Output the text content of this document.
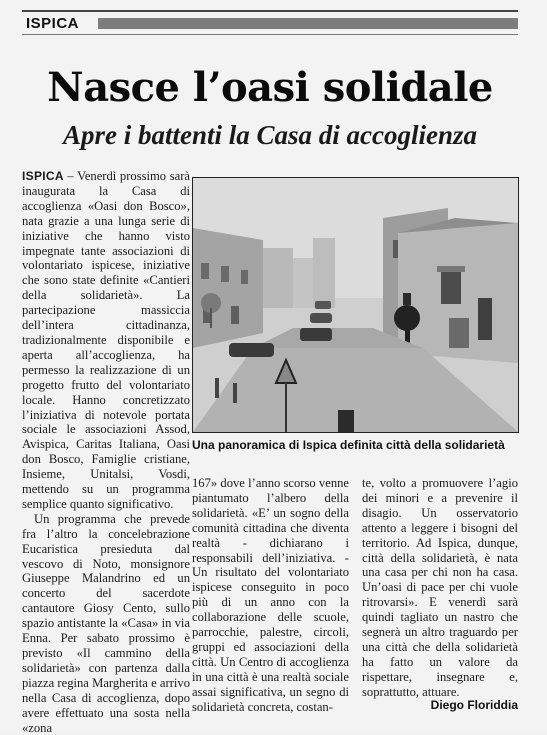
ISPICA
Nasce l’oasi solidale
Apre i battenti la Casa di accoglienza

ISPICA – Venerdì prossimo sarà inaugurata la Casa di accoglienza «Oasi don Bosco», nata grazie a una lunga serie di iniziative che hanno visto impegnate tante associazioni di volontariato ispicese, iniziative che sono state definite «Cantieri della solidarietà». La partecipazione massiccia dell’intera cittadinanza, tradizionalmente disponibile e aperta all’accoglienza, ha permesso la realizzazione di un progetto frutto del volontariato locale. Hanno concretizzato l’iniziativa di notevole portata sociale le associazioni Assod, Avispica, Caritas Italiana, Oasi don Bosco, Famiglie cristiane, Insieme, Unitalsi, Vosdi, mettendo su un programma semplice quanto significativo.

Un programma che prevede fra l’altro la concelebrazione Eucaristica presieduta dal vescovo di Noto, monsignore Giuseppe Malandrino ed un concerto del sacerdote cantautore Giosy Cento, sullo spazio antistante la «Casa» in via Enna. Per sabato prossimo è previsto «Il cammino della solidarietà» con partenza dalla piazza regina Margherita e arrivo nella Casa di accoglienza, dopo avere effettuato una sosta nella «zona

Una panoramica di Ispica definita città della solidarietà

167» dove l’anno scorso venne piantumato l’albero della solidarietà. «E’ un sogno della comunità cittadina che diventa realtà - dichiarano i responsabili dell’iniziativa. - Un risultato del volontariato ispicese conseguito in poco più di un anno con la collaborazione delle scuole, parrocchie, palestre, circoli, gruppi ed associazioni della città. Un Centro di accoglienza in una città è una realtà sociale assai significativa, un segno di solidarietà concreta, costan-

te, volto a promuovere l’agio dei minori e a prevenire il disagio. Un osservatorio attento a leggere i bisogni del territorio. Ad Ispica, dunque, città della solidarietà, è nata una casa per chi non ha casa. Un’oasi di pace per chi vuole ritrovarsi». E venerdì sarà quindi tagliato un nastro che segnerà un altro traguardo per una città che della solidarietà ha fatto un valore da rispettare, insegnare e, soprattutto, attuare.

Diego Floriddia
